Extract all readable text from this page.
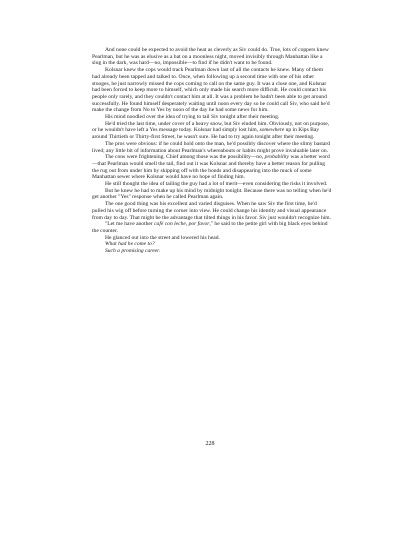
And none could be expected to avoid the heat as cleverly as Siv could do. True, lots of coppers knew Pearlman, but he was as elusive as a bat on a moonless night, moved invisibly through Manhattan like a slug in the dark, was hard—no, impossible—to find if he didn't want to be found.

Kolsnar knew the cops would track Pearlman down last of all the contacts he knew. Many of them had already been tapped and talked to. Once, when following up a second time with one of his other stooges, he just narrowly missed the cops coming to call on the same guy. It was a close one, and Kolsnar had been forced to keep more to himself, which only made his search more difficult. He could contact his people only rarely, and they couldn't contact him at all. It was a problem he hadn't been able to get around successfully. He found himself desperately waiting until noon every day so he could call Siv, who said he'd make the change from No to Yes by noon of the day he had some news for him.

His mind noodled over the idea of trying to tail Siv tonight after their meeting.

He'd tried the last time, under cover of a heavy snow, but Siv eluded him. Obviously, not on purpose, or he wouldn't have left a Yes message today. Kolsnar had simply lost him, somewhere up in Kips Bay around Thirtieth or Thirty-first Street, he wasn't sure. He had to try again tonight after their meeting.

The pros were obvious: if he could hold onto the man, he'd possibly discover where the slimy bastard lived; any little bit of information about Pearlman's whereabouts or habits might prove invaluable later on.

The cons were frightening. Chief among those was the possibility—no, probability was a better word—that Pearlman would smell the tail, find out it was Kolsnar and thereby have a better reason for pulling the rug out from under him by skipping off with the bonds and disappearing into the muck of some Manhattan sewer where Kolsnar would have no hope of finding him.

He still thought the idea of tailing the guy had a lot of merit—even considering the risks it involved.

But he knew he had to make up his mind by midnight tonight. Because there was no telling when he'd get another "Yes" response when he called Pearlman again.

The one good thing was his excellent and varied disguises. When he saw Siv the first time, he'd pulled his wig off before turning the corner into view. He could change his identity and visual appearance from day to day. That might be the advantage that tilted things in his favor. Siv just wouldn't recognize him.

"Let me have another café con leche, por favor," he said to the petite girl with big black eyes behind the counter.

He glanced out into the street and lowered his head.

What had he come to?

Such a promising career.

228
